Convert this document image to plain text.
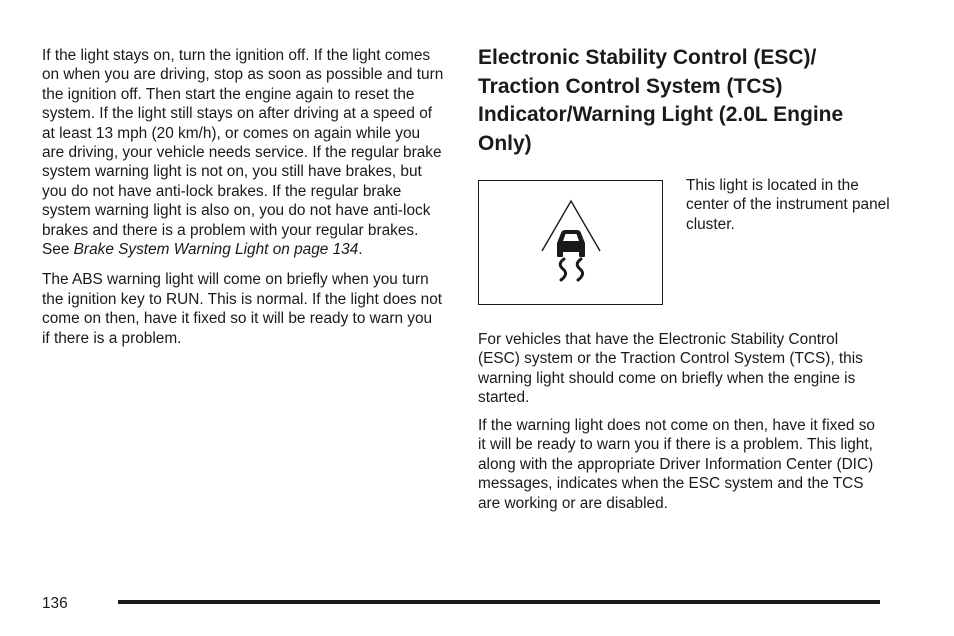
If the light stays on, turn the ignition off. If the light comes on when you are driving, stop as soon as possible and turn the ignition off. Then start the engine again to reset the system. If the light still stays on after driving at a speed of at least 13 mph (20 km/h), or comes on again while you are driving, your vehicle needs service. If the regular brake system warning light is not on, you still have brakes, but you do not have anti-lock brakes. If the regular brake system warning light is also on, you do not have anti-lock brakes and there is a problem with your regular brakes. See Brake System Warning Light on page 134.

The ABS warning light will come on briefly when you turn the ignition key to RUN. This is normal. If the light does not come on then, have it fixed so it will be ready to warn you if there is a problem.

Electronic Stability Control (ESC)/ Traction Control System (TCS) Indicator/Warning Light (2.0L Engine Only)
This light is located in the center of the instrument panel cluster.

For vehicles that have the Electronic Stability Control (ESC) system or the Traction Control System (TCS), this warning light should come on briefly when the engine is started.

If the warning light does not come on then, have it fixed so it will be ready to warn you if there is a problem. This light, along with the appropriate Driver Information Center (DIC) messages, indicates when the ESC system and the TCS are working or are disabled.

136
